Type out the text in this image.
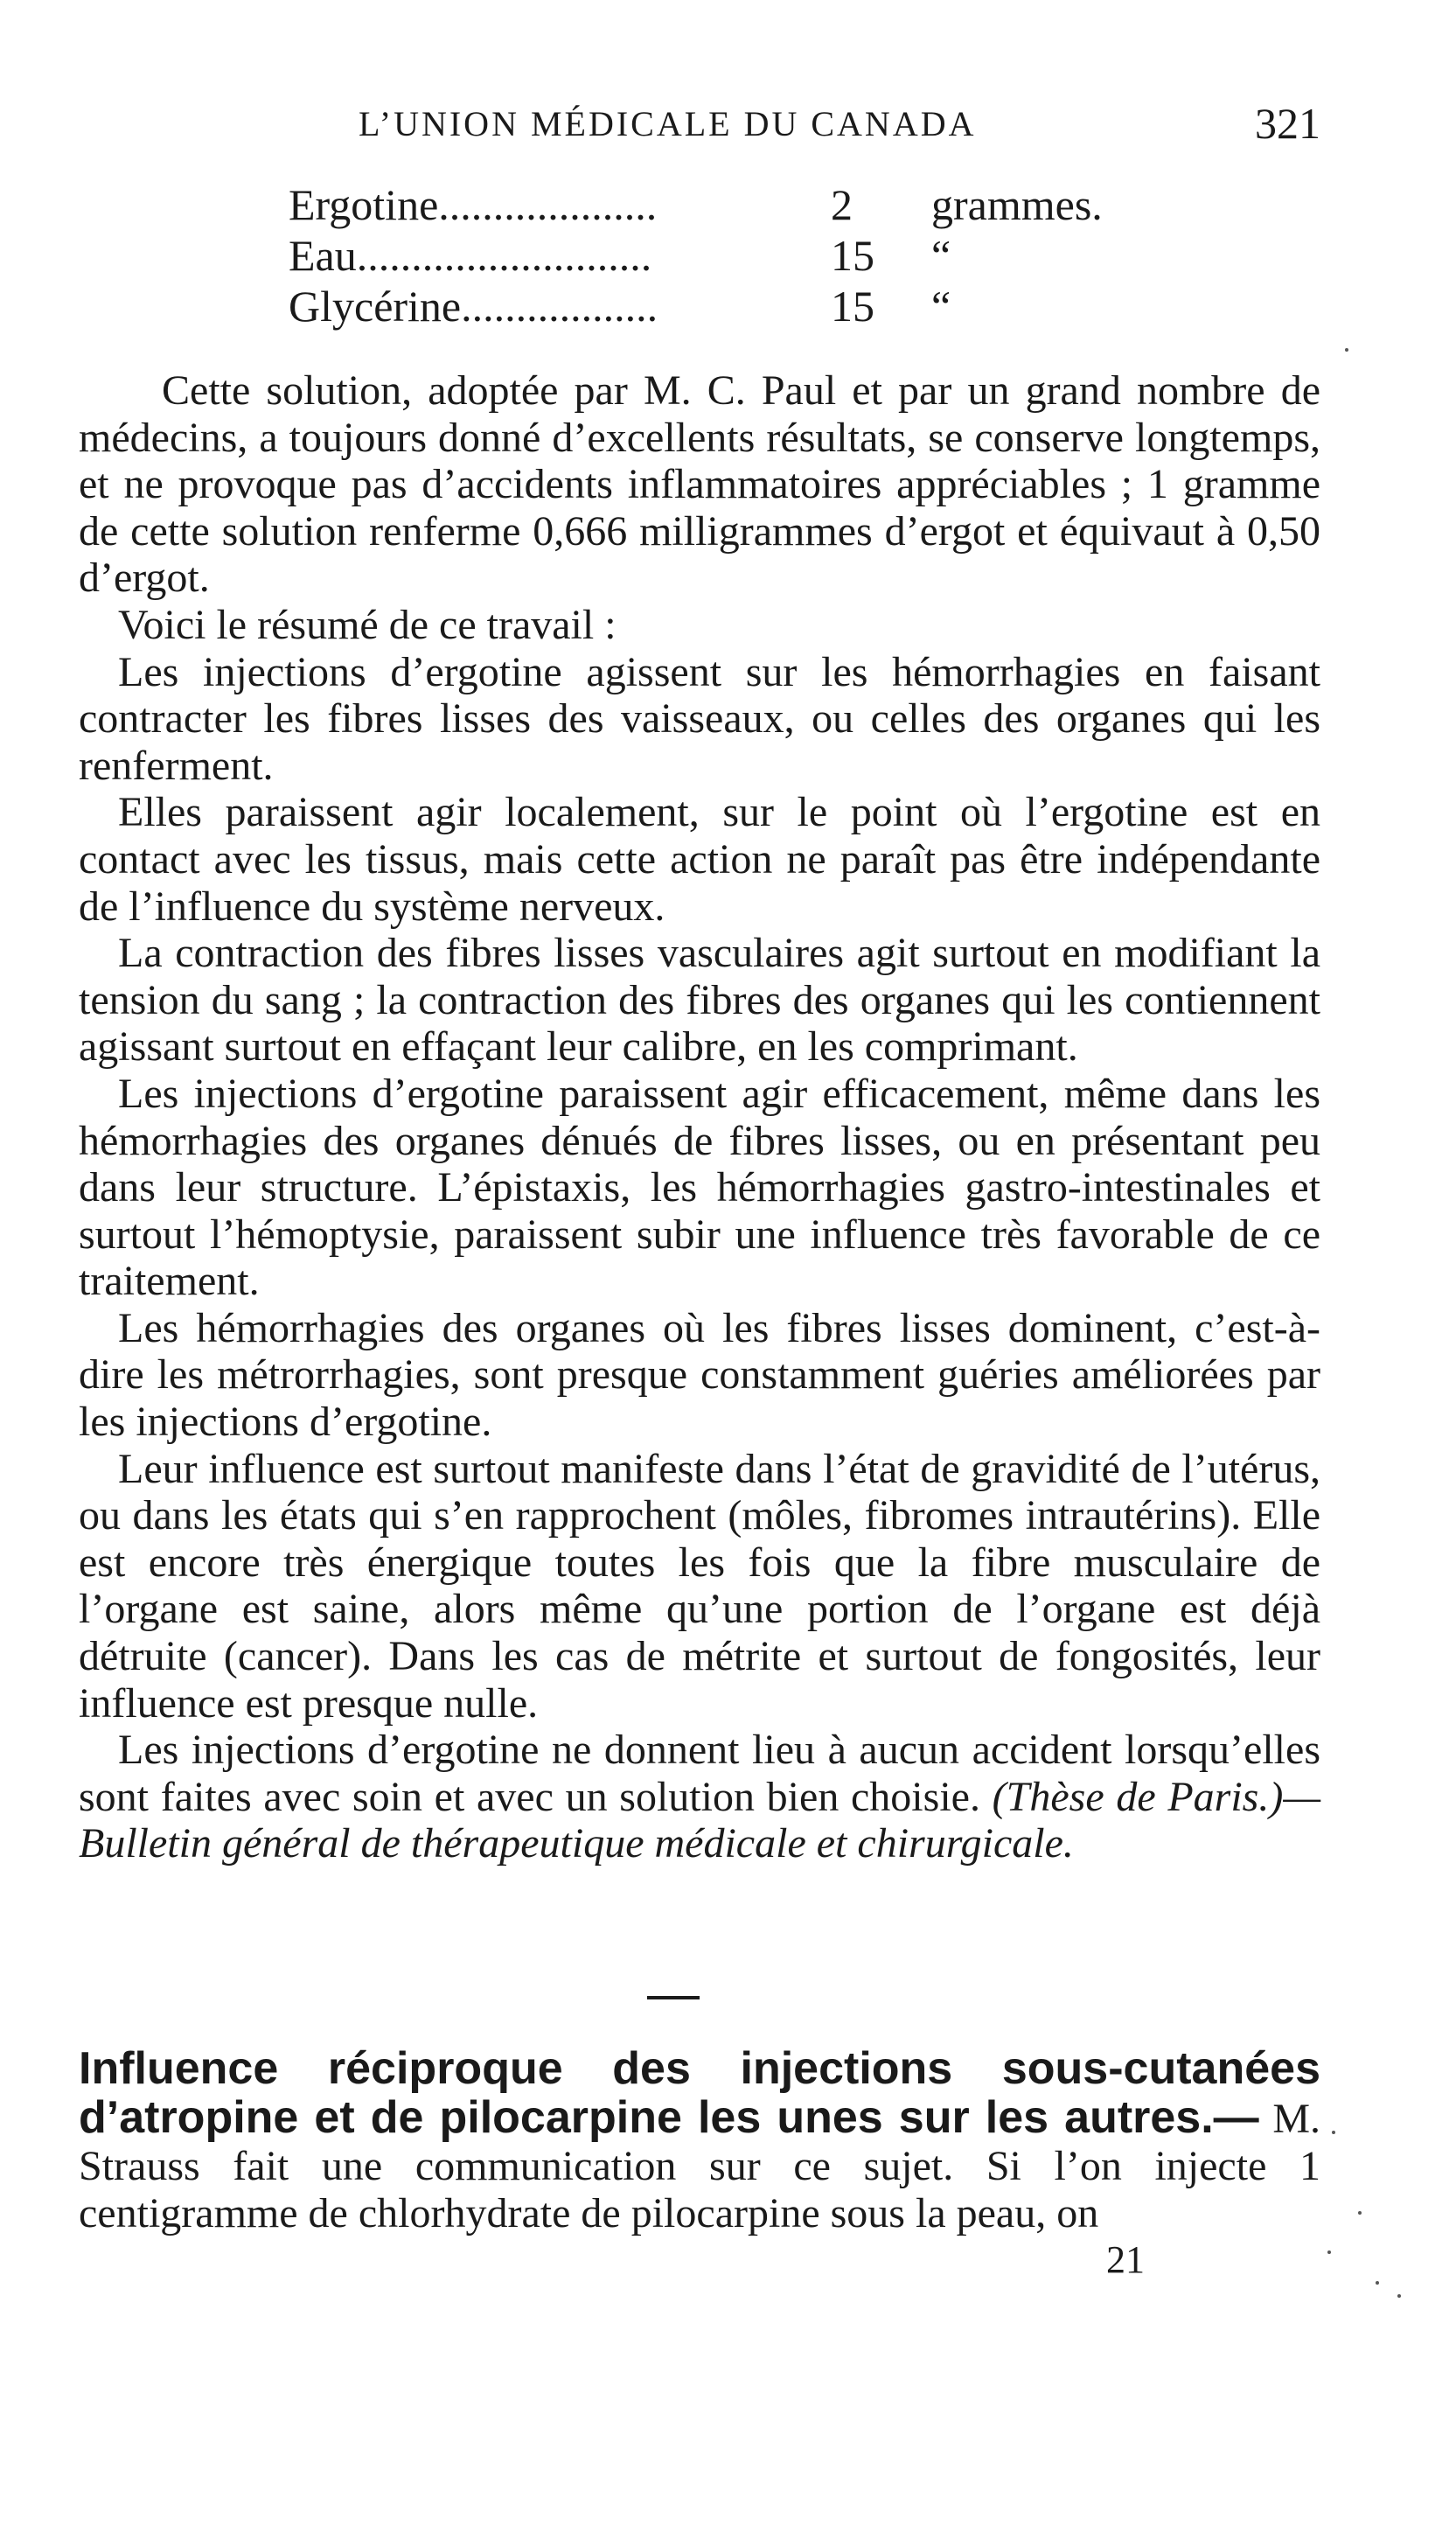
L’UNION MÉDICALE DU CANADA	321
Ergotine....................	2 grammes.
Eau...........................	15 “
Glycérine..................	15 “

Cette solution, adoptée par M. C. Paul et par un grand nombre de médecins, a toujours donné d’excellents résultats, se conserve longtemps, et ne provoque pas d’accidents inflammatoires appréciables ; 1 gramme de cette solution renferme 0,666 milligrammes d’ergot et équivaut à 0,50 d’ergot.

Voici le résumé de ce travail :

Les injections d’ergotine agissent sur les hémorrhagies en faisant contracter les fibres lisses des vaisseaux, ou celles des organes qui les renferment.

Elles paraissent agir localement, sur le point où l’ergotine est en contact avec les tissus, mais cette action ne paraît pas être indépendante de l’influence du système nerveux.

La contraction des fibres lisses vasculaires agit surtout en modifiant la tension du sang ; la contraction des fibres des organes qui les contiennent agissant surtout en effaçant leur calibre, en les comprimant.

Les injections d’ergotine paraissent agir efficacement, même dans les hémorrhagies des organes dénués de fibres lisses, ou en présentant peu dans leur structure. L’épistaxis, les hémorrhagies gastro-intestinales et surtout l’hémoptysie, paraissent subir une influence très favorable de ce traitement.

Les hémorrhagies des organes où les fibres lisses dominent, c’est-à-dire les métrorrhagies, sont presque constamment guéries améliorées par les injections d’ergotine.

Leur influence est surtout manifeste dans l’état de gravidité de l’utérus, ou dans les états qui s’en rapprochent (môles, fibromes intrautérins). Elle est encore très énergique toutes les fois que la fibre musculaire de l’organe est saine, alors même qu’une portion de l’organe est déjà détruite (cancer). Dans les cas de métrite et surtout de fongosités, leur influence est presque nulle.

Les injections d’ergotine ne donnent lieu à aucun accident lorsqu’elles sont faites avec soin et avec un solution bien choisie. (Thèse de Paris.)—Bulletin général de thérapeutique médicale et chirurgicale.

Influence réciproque des injections sous-cutanées d’atropine et de pilocarpine les unes sur les autres.— M. Strauss fait une communication sur ce sujet. Si l’on injecte 1 centigramme de chlorhydrate de pilocarpine sous la peau, on
21
